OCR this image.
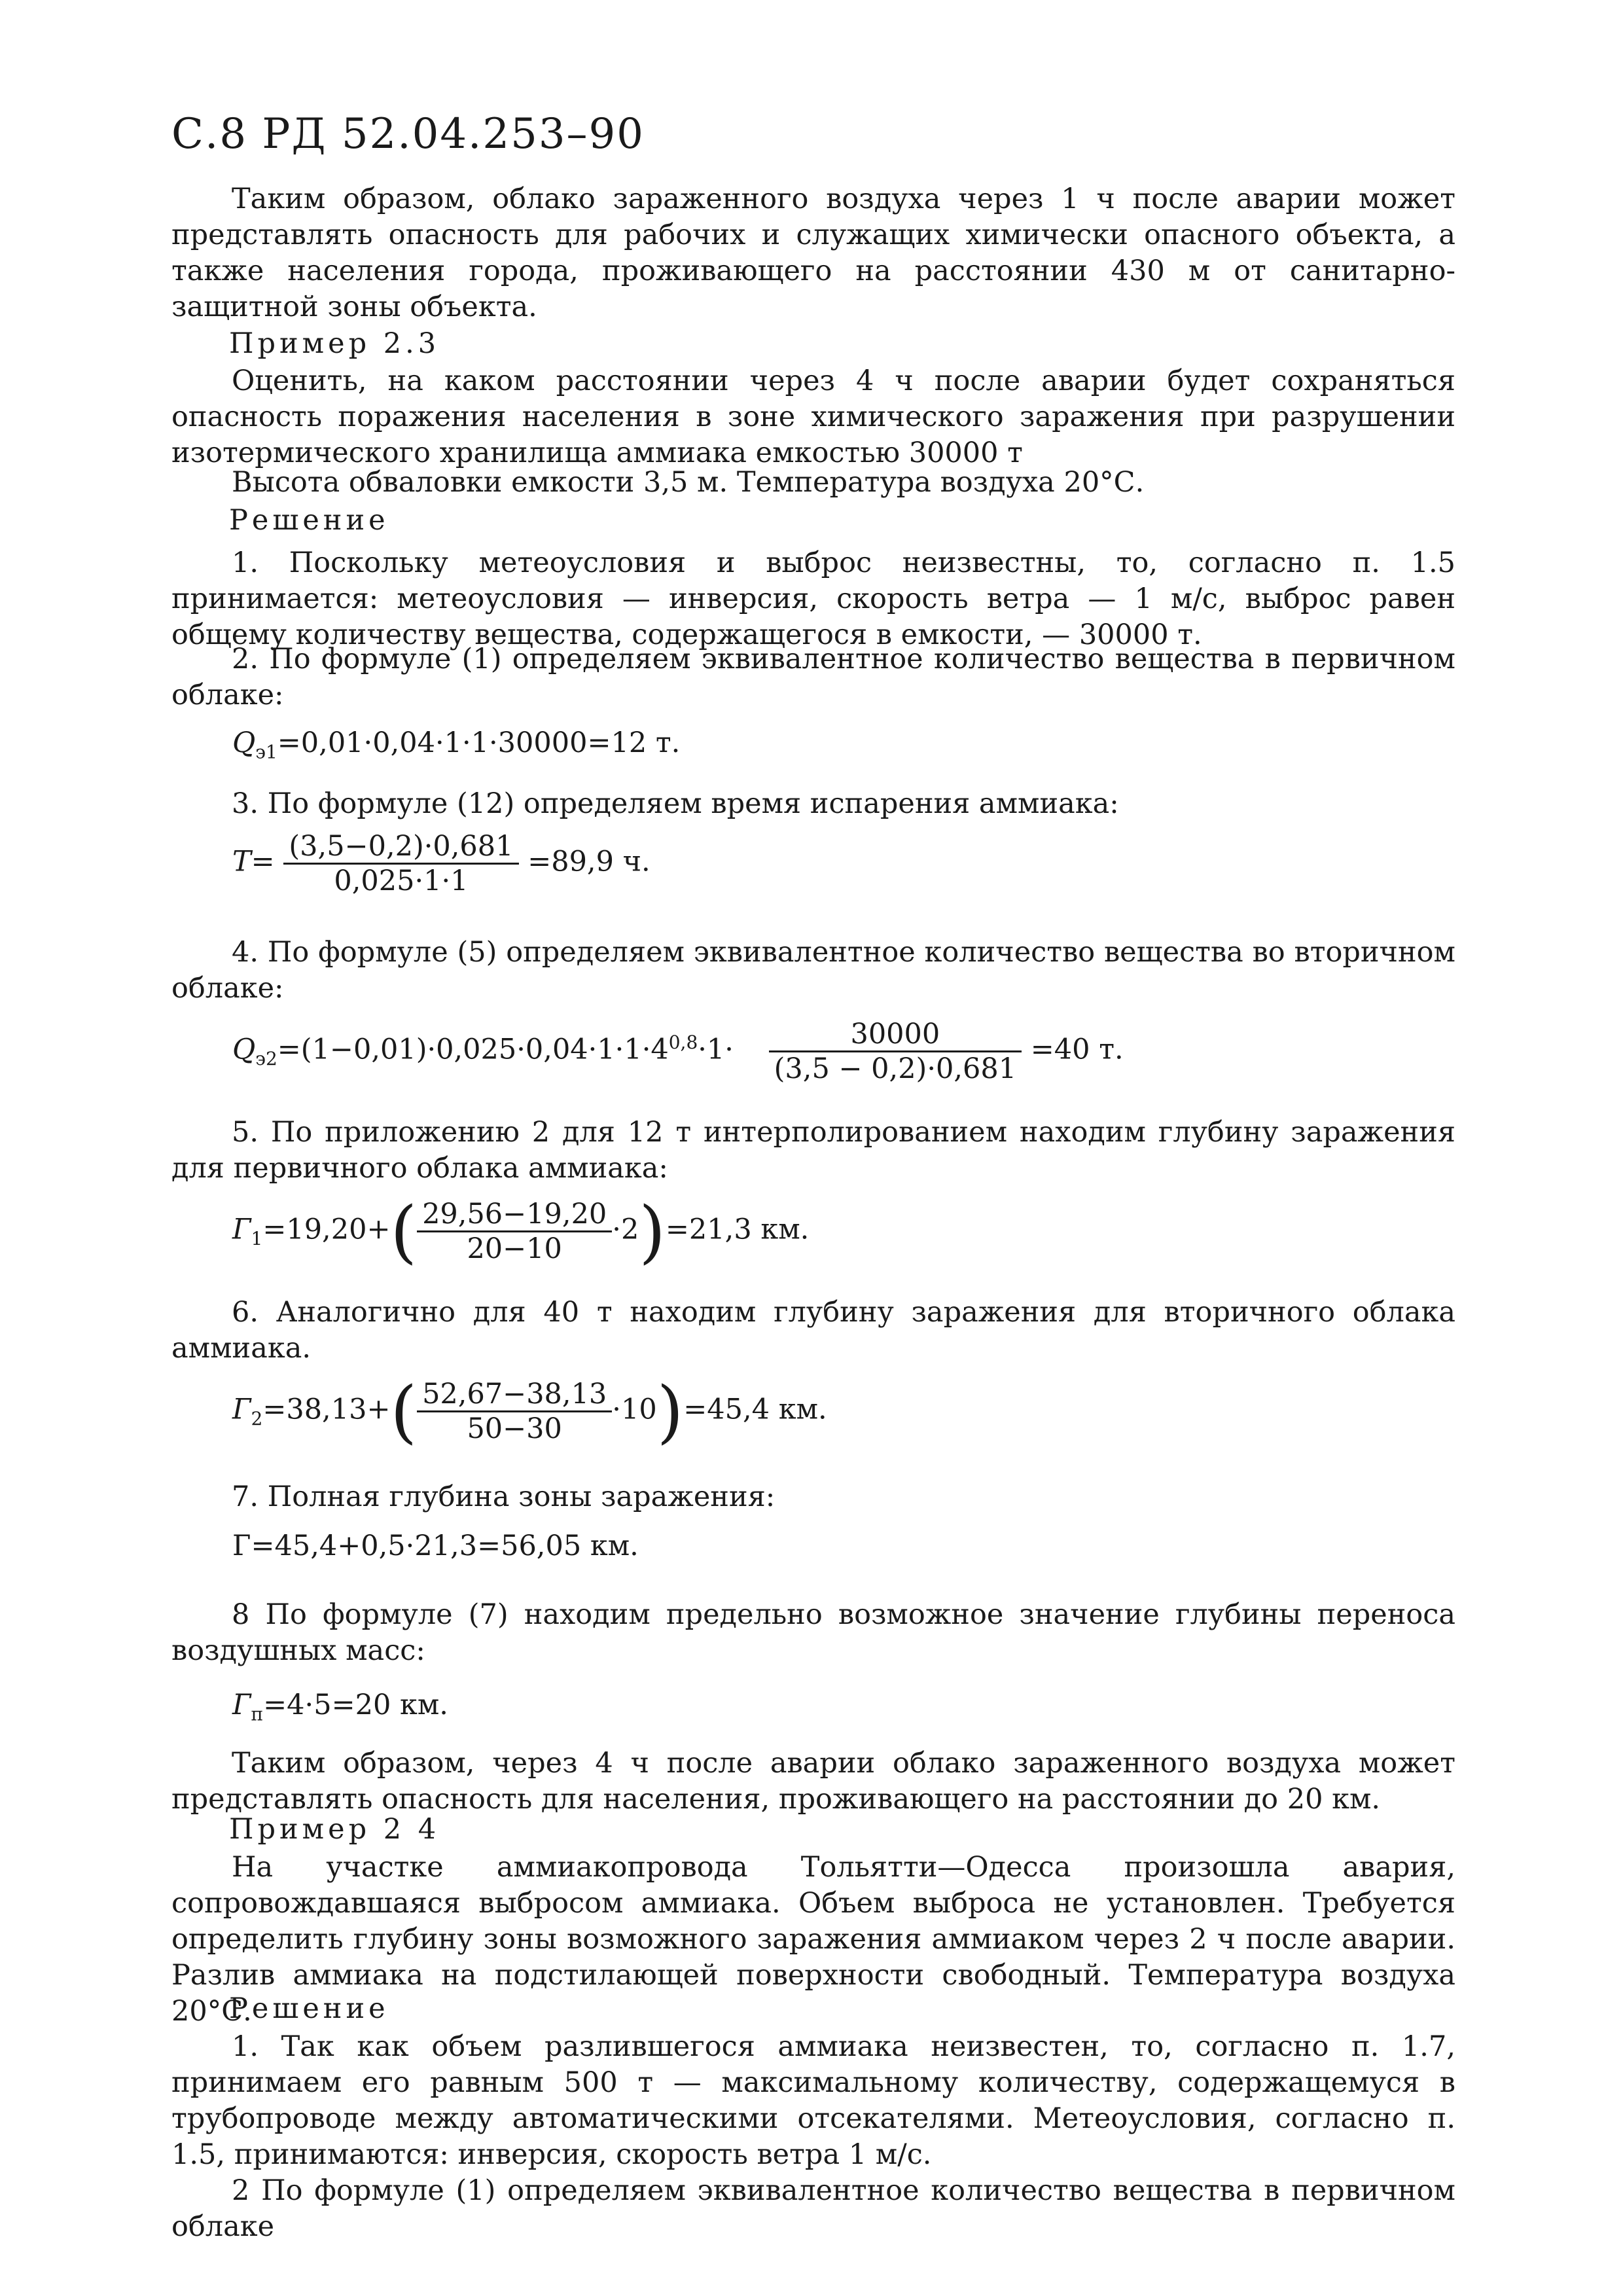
С.8 РД 52.04.253–90

Таким образом, облако зараженного воздуха через 1 ч после аварии может представлять опасность для рабочих и служащих химически опасного объекта, а также населения города, проживающего на расстоянии 430 м от санитарно-защитной зоны объекта.

Пример 2.3

Оценить, на каком расстоянии через 4 ч после аварии будет сохраняться опасность поражения населения в зоне химического заражения при разрушении изотермического хранилища аммиака емкостью 30000 т

Высота обваловки емкости 3,5 м. Температура воздуха 20°С.
Решение

1. Поскольку метеоусловия и выброс неизвестны, то, согласно п. 1.5 принимается: метеоусловия — инверсия, скорость ветра — 1 м/с, выброс равен общему количеству вещества, содержащегося в емкости, — 30000 т.

2. По формуле (1) определяем эквивалентное количество вещества в первичном облаке:

$Q_{э1}=0,01\cdot 0,04\cdot 1\cdot 1\cdot 30000=12$ т.

3. По формуле (12) определяем время испарения аммиака:

$T= \frac{(3,5-0,2)\cdot 0,681}{0,025\cdot 1\cdot 1} =89,9$ ч.

4. По формуле (5) определяем эквивалентное количество вещества во вторичном облаке:

$Q_{э2}=(1-0,01)\cdot 0,025\cdot 0,04\cdot 1\cdot 1\cdot 4^{0,8}\cdot 1\cdot \frac{30000}{(3,5 - 0,2)\cdot 0,681} =40$ т.

5. По приложению 2 для 12 т интерполированием находим глубину заражения для первичного облака аммиака:

$Г_1=19,20+( \frac{29,56-19,20}{20-10} \cdot 2)=21,3$ км.

6. Аналогично для 40 т находим глубину заражения для вторичного облака аммиака.

$Г_2=38,13+( \frac{52,67-38,13}{50-30} \cdot 10)=45,4$ км.

7. Полная глубина зоны заражения:

Г=45,4+0,5·21,3=56,05 км.

8 По формуле (7) находим предельно возможное значение глубины переноса воздушных масс:

$Г_п=4\cdot 5=20$ км.

Таким образом, через 4 ч после аварии облако зараженного воздуха может представлять опасность для населения, проживающего на расстоянии до 20 км.

Пример 2 4

На участке аммиакопровода Тольятти—Одесса произошла авария, сопровождавшаяся выбросом аммиака. Объем выброса не установлен. Требуется определить глубину зоны возможного заражения аммиаком через 2 ч после аварии. Разлив аммиака на подстилающей поверхности свободный. Температура воздуха 20°С.

Решение

1. Так как объем разлившегося аммиака неизвестен, то, согласно п. 1.7, принимаем его равным 500 т — максимальному количеству, содержащемуся в трубопроводе между автоматическими отсекателями. Метеоусловия, согласно п. 1.5, принимаются: инверсия, скорость ветра 1 м/с.

2 По формуле (1) определяем эквивалентное количество вещества в первичном облаке
